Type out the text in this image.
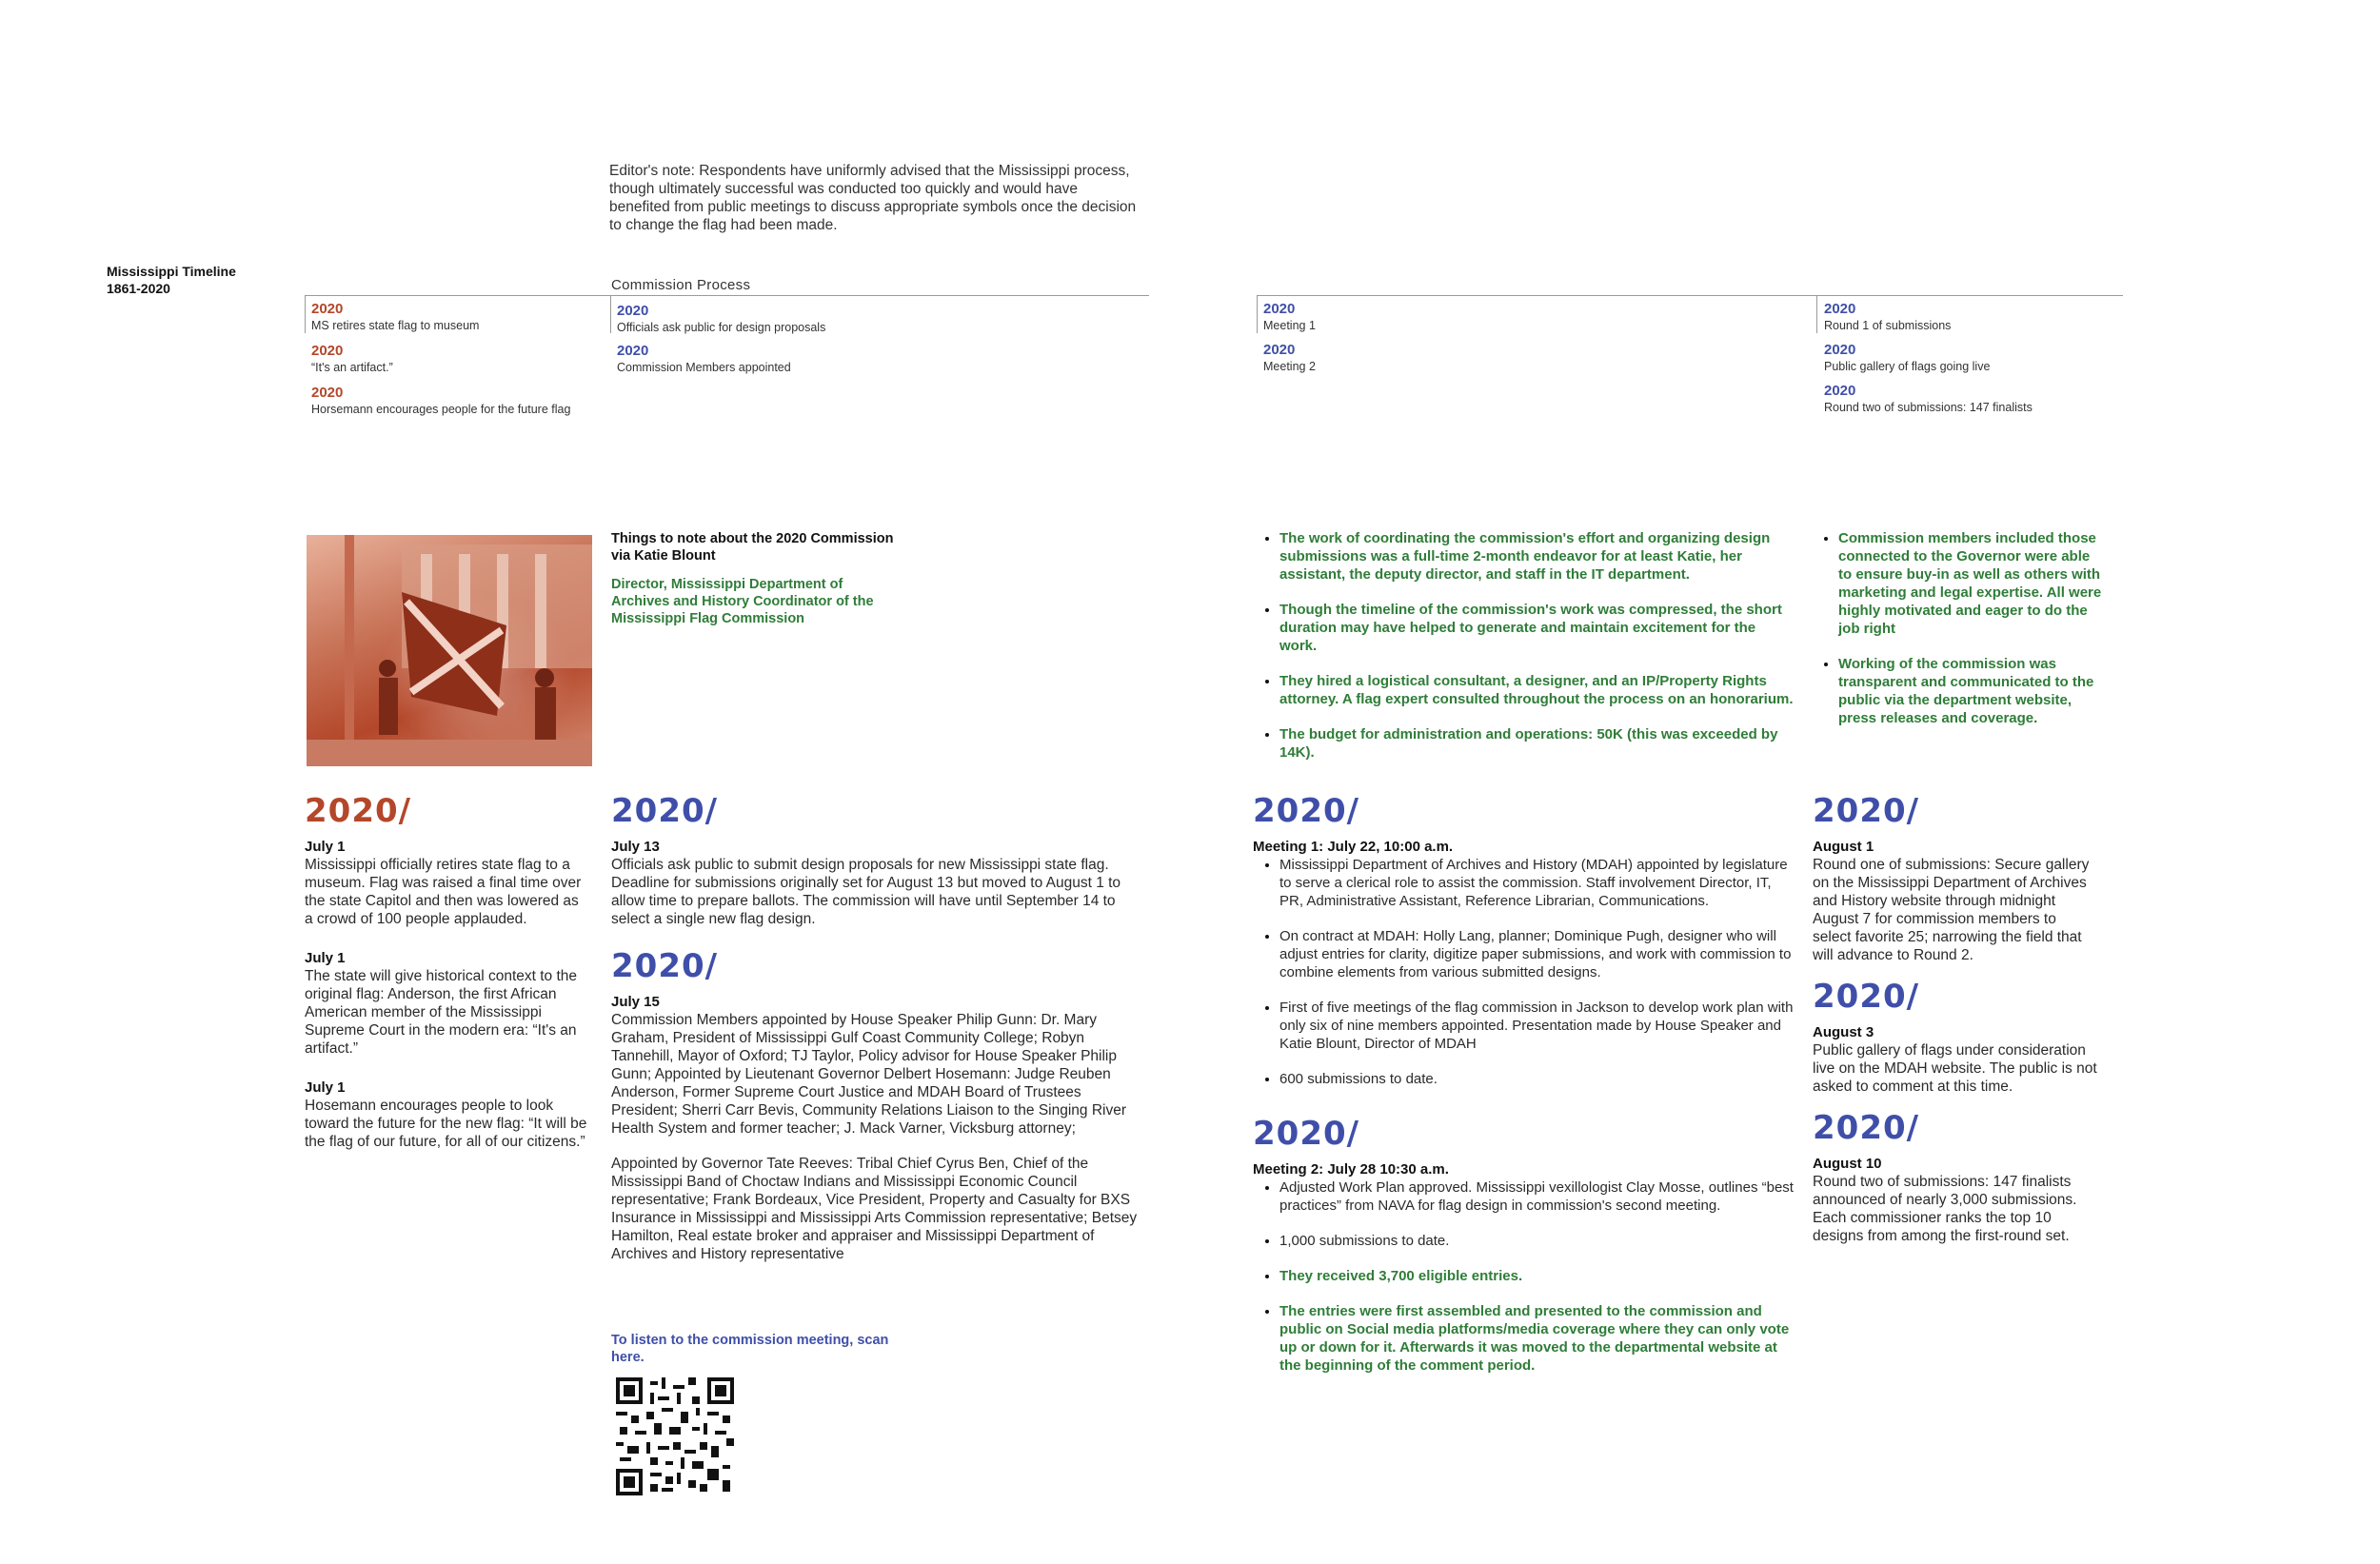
Editor's note: Respondents have uniformly advised that the Mississippi process, though ultimately successful was conducted too quickly and would have benefited from public meetings to discuss appropriate symbols once the decision to change the flag had been made.
Mississippi Timeline
1861-2020	Commission Process
2020
MS retires state flag to museum
2020
“It's an artifact.”
2020
Horsemann encourages people for the future flag
2020
Officials ask public for design proposals
2020
Commission Members appointed
2020
Meeting 1
2020
Meeting 2
2020
Round 1 of submissions
2020
Public gallery of flags going live
2020
Round two of submissions: 147 finalists
Things to note about the 2020 Commission via Katie Blount
Director, Mississippi Department of Archives and History Coordinator of the Mississippi Flag Commission
• The work of coordinating the commission's effort and organizing design submissions was a full-time 2-month endeavor for at least Katie, her assistant, the deputy director, and staff in the IT department.
• Though the timeline of the commission's work was compressed, the short duration may have helped to generate and maintain excitement for the work.
• They hired a logistical consultant, a designer, and an IP/Property Rights attorney. A flag expert consulted throughout the process on an honorarium.
• The budget for administration and operations: 50K (this was exceeded by 14K).
• Commission members included those connected to the Governor were able to ensure buy-in as well as others with marketing and legal expertise. All were highly motivated and eager to do the job right
• Working of the commission was transparent and communicated to the public via the department website, press releases and coverage.
2020/
July 1

Mississippi officially retires state flag to a museum. Flag was raised a final time over the state Capitol and then was lowered as a crowd of 100 people applauded.

July 1

The state will give historical context to the original flag: Anderson, the first African American member of the Mississippi Supreme Court in the modern era: “It's an artifact.”

July 1

Hosemann encourages people to look toward the future for the new flag: “It will be the flag of our future, for all of our citizens.”

2020/
July 13

Officials ask public to submit design proposals for new Mississippi state flag. Deadline for submissions originally set for August 13 but moved to August 1 to allow time to prepare ballots. The commission will have until September 14 to select a single new flag design.

2020/
July 15

Commission Members appointed by House Speaker Philip Gunn: Dr. Mary Graham, President of Mississippi Gulf Coast Community College; Robyn Tannehill, Mayor of Oxford; TJ Taylor, Policy advisor for House Speaker Philip Gunn; Appointed by Lieutenant Governor Delbert Hosemann: Judge Reuben Anderson, Former Supreme Court Justice and MDAH Board of Trustees President; Sherri Carr Bevis, Community Relations Liaison to the Singing River Health System and former teacher; J. Mack Varner, Vicksburg attorney;

Appointed by Governor Tate Reeves: Tribal Chief Cyrus Ben, Chief of the Mississippi Band of Choctaw Indians and Mississippi Economic Council representative; Frank Bordeaux, Vice President, Property and Casualty for BXS Insurance in Mississippi and Mississippi Arts Commission representative; Betsey Hamilton, Real estate broker and appraiser and Mississippi Department of Archives and History representative

To listen to the commission meeting, scan here.
2020/
Meeting 1: July 22, 10:00 a.m.
• Mississippi Department of Archives and History (MDAH) appointed by legislature to serve a clerical role to assist the commission. Staff involvement Director, IT, PR, Administrative Assistant, Reference Librarian, Communications.
• On contract at MDAH: Holly Lang, planner; Dominique Pugh, designer who will adjust entries for clarity, digitize paper submissions, and work with commission to combine elements from various submitted designs.
• First of five meetings of the flag commission in Jackson to develop work plan with only six of nine members appointed. Presentation made by House Speaker and Katie Blount, Director of MDAH
• 600 submissions to date.
2020/
Meeting 2: July 28 10:30 a.m.
• Adjusted Work Plan approved. Mississippi vexillologist Clay Mosse, outlines “best practices” from NAVA for flag design in commission's second meeting.
• 1,000 submissions to date.
• They received 3,700 eligible entries.
• The entries were first assembled and presented to the commission and public on Social media platforms/media coverage where they can only vote up or down for it. Afterwards it was moved to the departmental website at the beginning of the comment period.
2020/
August 1

Round one of submissions: Secure gallery on the Mississippi Department of Archives and History website through midnight August 7 for commission members to select favorite 25; narrowing the field that will advance to Round 2.

2020/
August 3

Public gallery of flags under consideration live on the MDAH website. The public is not asked to comment at this time.

2020/
August 10

Round two of submissions: 147 finalists announced of nearly 3,000 submissions. Each commissioner ranks the top 10 designs from among the first-round set.
